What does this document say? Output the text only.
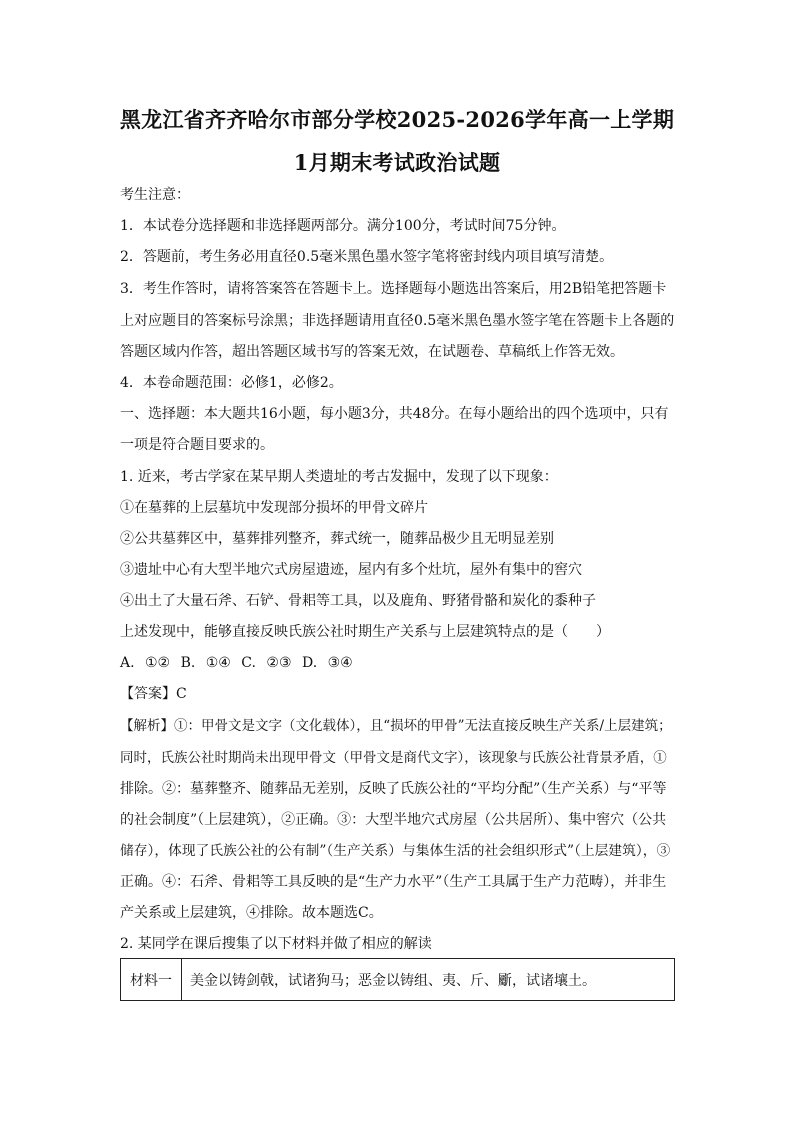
黑龙江省齐齐哈尔市部分学校2025-2026学年高一上学期
1月期末考试政治试题
考生注意：
1．本试卷分选择题和非选择题两部分。满分100分，考试时间75分钟。
2．答题前，考生务必用直径0.5毫米黑色墨水签字笔将密封线内项目填写清楚。
3．考生作答时，请将答案答在答题卡上。选择题每小题选出答案后，用2B铅笔把答题卡
上对应题目的答案标号涂黑；非选择题请用直径0.5毫米黑色墨水签字笔在答题卡上各题的
答题区域内作答，超出答题区域书写的答案无效，在试题卷、草稿纸上作答无效。
4．本卷命题范围：必修1，必修2。
一、选择题：本大题共16小题，每小题3分，共48分。在每小题给出的四个选项中，只有
一项是符合题目要求的。
1. 近来，考古学家在某早期人类遗址的考古发掘中，发现了以下现象：
①在墓葬的上层墓坑中发现部分损坏的甲骨文碎片
②公共墓葬区中，墓葬排列整齐，葬式统一，随葬品极少且无明显差别
③遗址中心有大型半地穴式房屋遗迹，屋内有多个灶坑，屋外有集中的窖穴
④出土了大量石斧、石铲、骨耜等工具，以及鹿角、野猪骨骼和炭化的黍种子
上述发现中，能够直接反映氏族公社时期生产关系与上层建筑特点的是（　　）
A. ①② B. ①④ C. ②③ D. ③④
【答案】C
【解析】①：甲骨文是文字（文化载体），且“损坏的甲骨”无法直接反映生产关系/上层建筑；
同时，氏族公社时期尚未出现甲骨文（甲骨文是商代文字），该现象与氏族公社背景矛盾，①
排除。②：墓葬整齐、随葬品无差别，反映了氏族公社的“平均分配”（生产关系）与“平等
的社会制度”（上层建筑），②正确。③：大型半地穴式房屋（公共居所）、集中窖穴（公共
储存），体现了氏族公社的公有制”（生产关系）与集体生活的社会组织形式”（上层建筑），③
正确。④：石斧、骨耜等工具反映的是“生产力水平”（生产工具属于生产力范畴），并非生
产关系或上层建筑，④排除。故本题选C。
2. 某同学在课后搜集了以下材料并做了相应的解读
材料一	美金以铸剑戟，试诸狗马；恶金以铸组、夷、斤、斸，试诸壤土。
